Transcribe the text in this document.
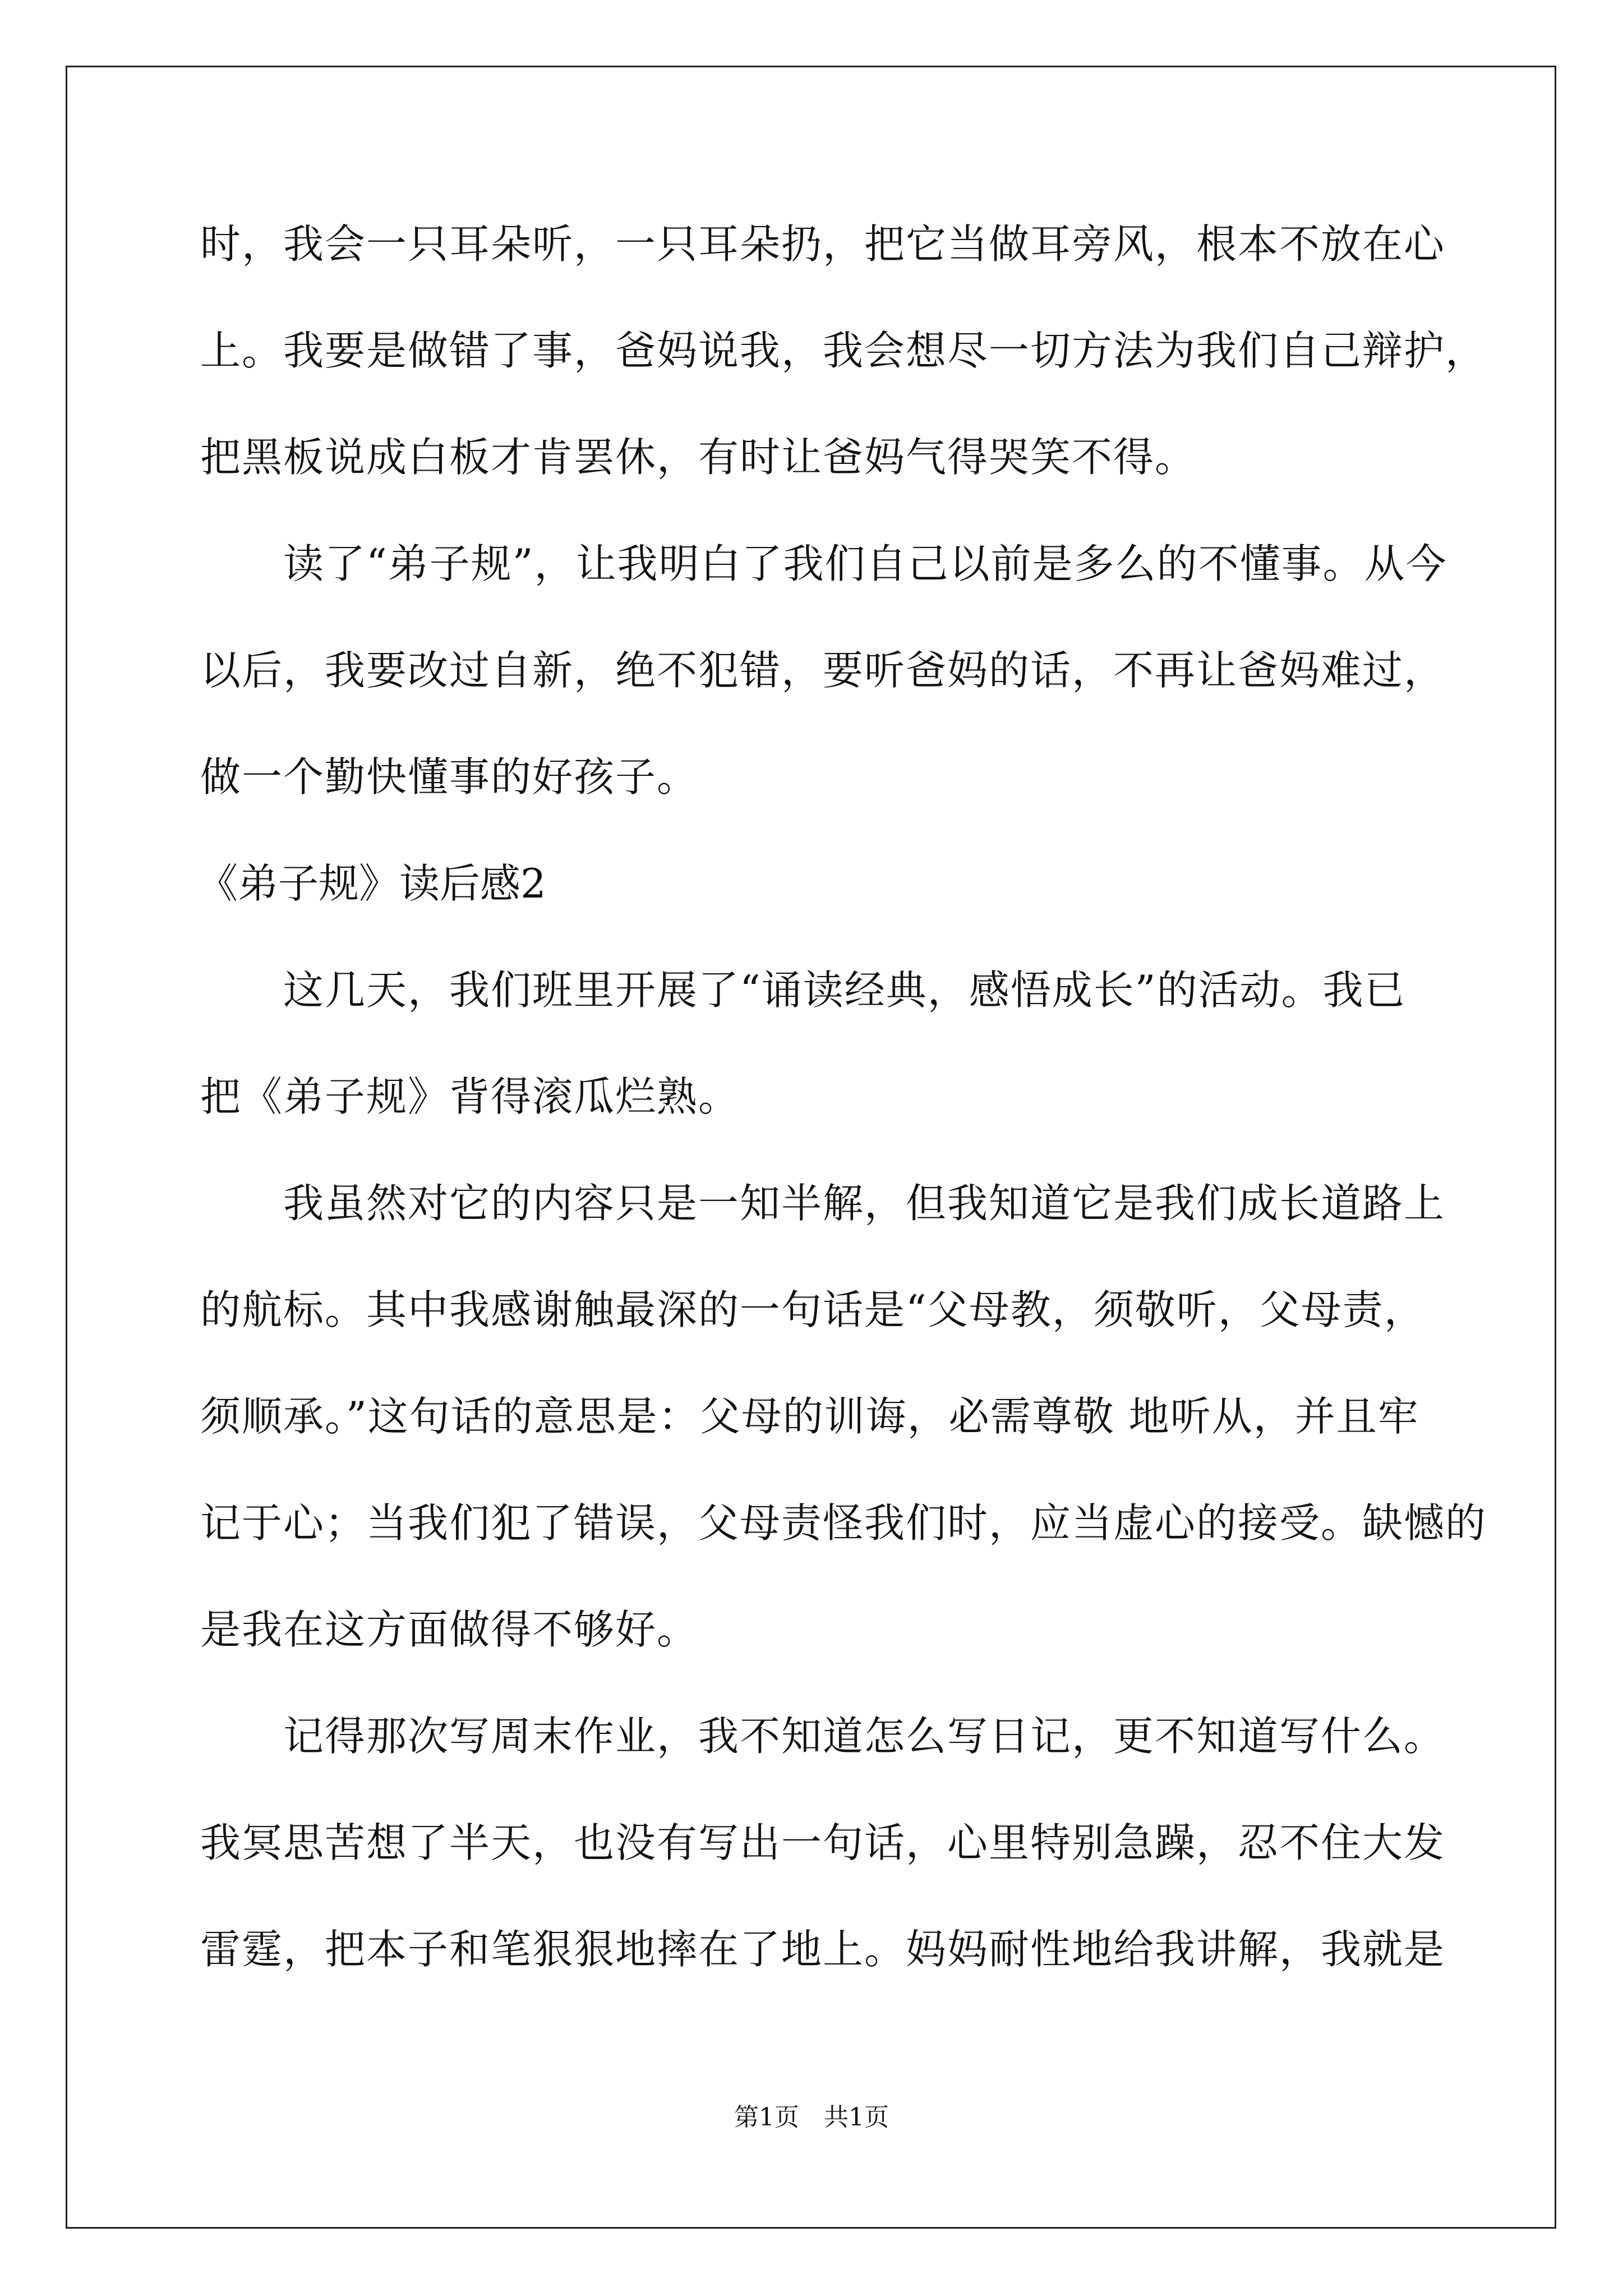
时，我会一只耳朵听，一只耳朵扔，把它当做耳旁风，根本不放在心
上。我要是做错了事，爸妈说我，我会想尽一切方法为我们自己辩护，
把黑板说成白板才肯罢休，有时让爸妈气得哭笑不得。
　　读了“弟子规”，让我明白了我们自己以前是多么的不懂事。从今
以后，我要改过自新，绝不犯错，要听爸妈的话，不再让爸妈难过，
做一个勤快懂事的好孩子。
《弟子规》读后感2
　　这几天，我们班里开展了“诵读经典，感悟成长”的活动。我已
把《弟子规》背得滚瓜烂熟。
　　我虽然对它的内容只是一知半解，但我知道它是我们成长道路上
的航标。其中我感谢触最深的一句话是“父母教，须敬听，父母责，
须顺承。”这句话的意思是：父母的训诲，必需尊敬 地听从，并且牢
记于心；当我们犯了错误，父母责怪我们时，应当虚心的接受。缺憾的
是我在这方面做得不够好。
　　记得那次写周末作业，我不知道怎么写日记，更不知道写什么。
我冥思苦想了半天，也没有写出一句话，心里特别急躁，忍不住大发
雷霆，把本子和笔狠狠地摔在了地上。妈妈耐性地给我讲解，我就是
第1页　共1页
